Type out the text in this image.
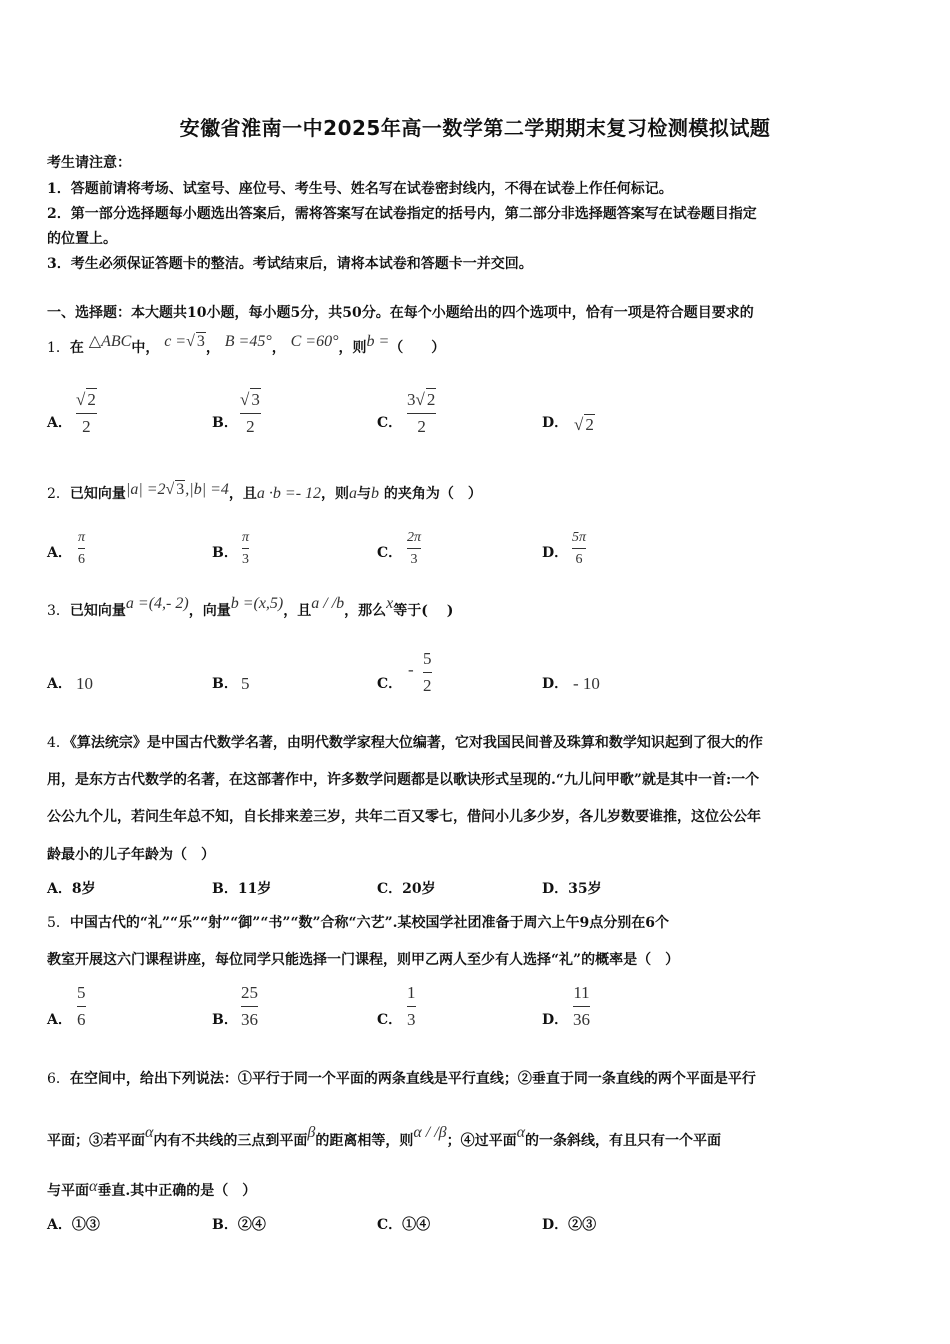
安徽省淮南一中2025年高一数学第二学期期末复习检测模拟试题
考生请注意：
1．答题前请将考场、试室号、座位号、考生号、姓名写在试卷密封线内，不得在试卷上作任何标记。
2．第一部分选择题每小题选出答案后，需将答案写在试卷指定的括号内，第二部分非选择题答案写在试卷题目指定
的位置上。
3．考生必须保证答题卡的整洁。考试结束后，请将本试卷和答题卡一并交回。
一、选择题：本大题共10小题，每小题5分，共50分。在每个小题给出的四个选项中，恰有一项是符合题目要求的
1．在 △ABC中， c =√ 3， B =45°， C =60°，则b =（　　）
A．
√ 2
2	B．
√ 3
2	C．
3√ 2
2	D． √ 2
2．已知向量|a| =2√ 3,|b| =4，且a ·b =- 12，则a与b 的夹角为（　）
A．
π
6	B．
π
3	C．
2π
3	D．
5π
6
3．已知向量a =(4,- 2)，向量b =(x,5)，且a / /b，那么x等于(　 )
A． 10	B． 5	C．
-
5
2	D． - 10
4．《算法统宗》是中国古代数学名著，由明代数学家程大位编著，它对我国民间普及珠算和数学知识起到了很大的作
用，是东方古代数学的名著，在这部著作中，许多数学问题都是以歌诀形式呈现的.“九儿问甲歌”就是其中一首:一个
公公九个儿，若问生年总不知，自长排来差三岁，共年二百又零七，借问小儿多少岁，各儿岁数要谁推，这位公公年
龄最小的儿子年龄为（　）
A．8岁	B．11岁	C．20岁	D．35岁
5．中国古代的“礼”“乐”“射”“御”“书”“数”合称“六艺”.某校国学社团准备于周六上午9点分别在6个
教室开展这六门课程讲座，每位同学只能选择一门课程，则甲乙两人至少有人选择“礼”的概率是（　）
A．
5
6	B．
25
36	C．
1
3	D．
11
36
6．在空间中，给出下列说法：①平行于同一个平面的两条直线是平行直线；②垂直于同一条直线的两个平面是平行
平面；③若平面α内有不共线的三点到平面β的距离相等，则α / /β；④过平面α的一条斜线，有且只有一个平面
与平面α垂直.其中正确的是（　）
A．①③	B．②④	C．①④	D．②③
